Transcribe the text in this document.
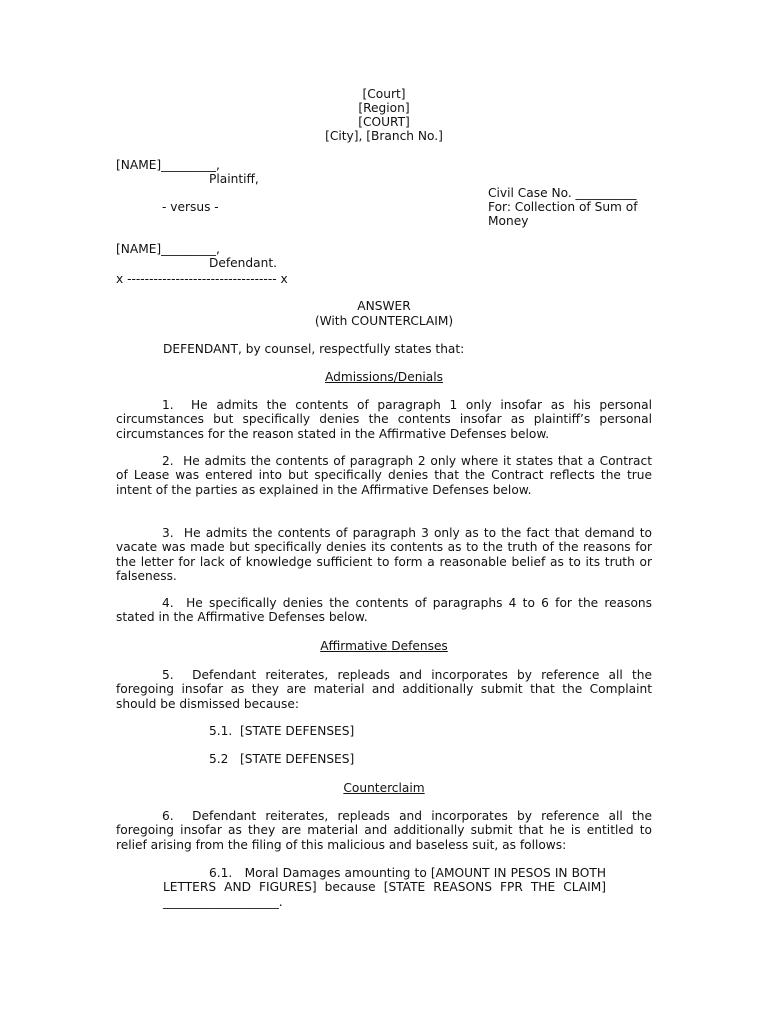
[Court]
[Region]
[COURT]
[City], [Branch No.]
[NAME]_________,
Plaintiff,
- versus -
[NAME]_________,
Defendant.
x ---------------------------------- x
Civil Case No. __________
For: Collection of Sum of
Money
ANSWER
(With COUNTERCLAIM)
DEFENDANT, by counsel, respectfully states that:
Admissions/Denials
1. He admits the contents of paragraph 1 only insofar as his personal circumstances but specifically denies the contents insofar as plaintiff’s personal circumstances for the reason stated in the Affirmative Defenses below.
2. He admits the contents of paragraph 2 only where it states that a Contract of Lease was entered into but specifically denies that the Contract reflects the true intent of the parties as explained in the Affirmative Defenses below.
3. He admits the contents of paragraph 3 only as to the fact that demand to vacate was made but specifically denies its contents as to the truth of the reasons for the letter for lack of knowledge sufficient to form a reasonable belief as to its truth or falseness.
4. He specifically denies the contents of paragraphs 4 to 6 for the reasons stated in the Affirmative Defenses below.
Affirmative Defenses
5. Defendant reiterates, repleads and incorporates by reference all the foregoing insofar as they are material and additionally submit that the Complaint should be dismissed because:
5.1.  [STATE DEFENSES]
5.2   [STATE DEFENSES]
Counterclaim
6. Defendant reiterates, repleads and incorporates by reference all the foregoing insofar as they are material and additionally submit that he is entitled to relief arising from the filing of this malicious and baseless suit, as follows:
6.1. Moral Damages amounting to [AMOUNT IN PESOS IN BOTH LETTERS AND FIGURES] because [STATE REASONS FPR THE CLAIM] ___________________.
